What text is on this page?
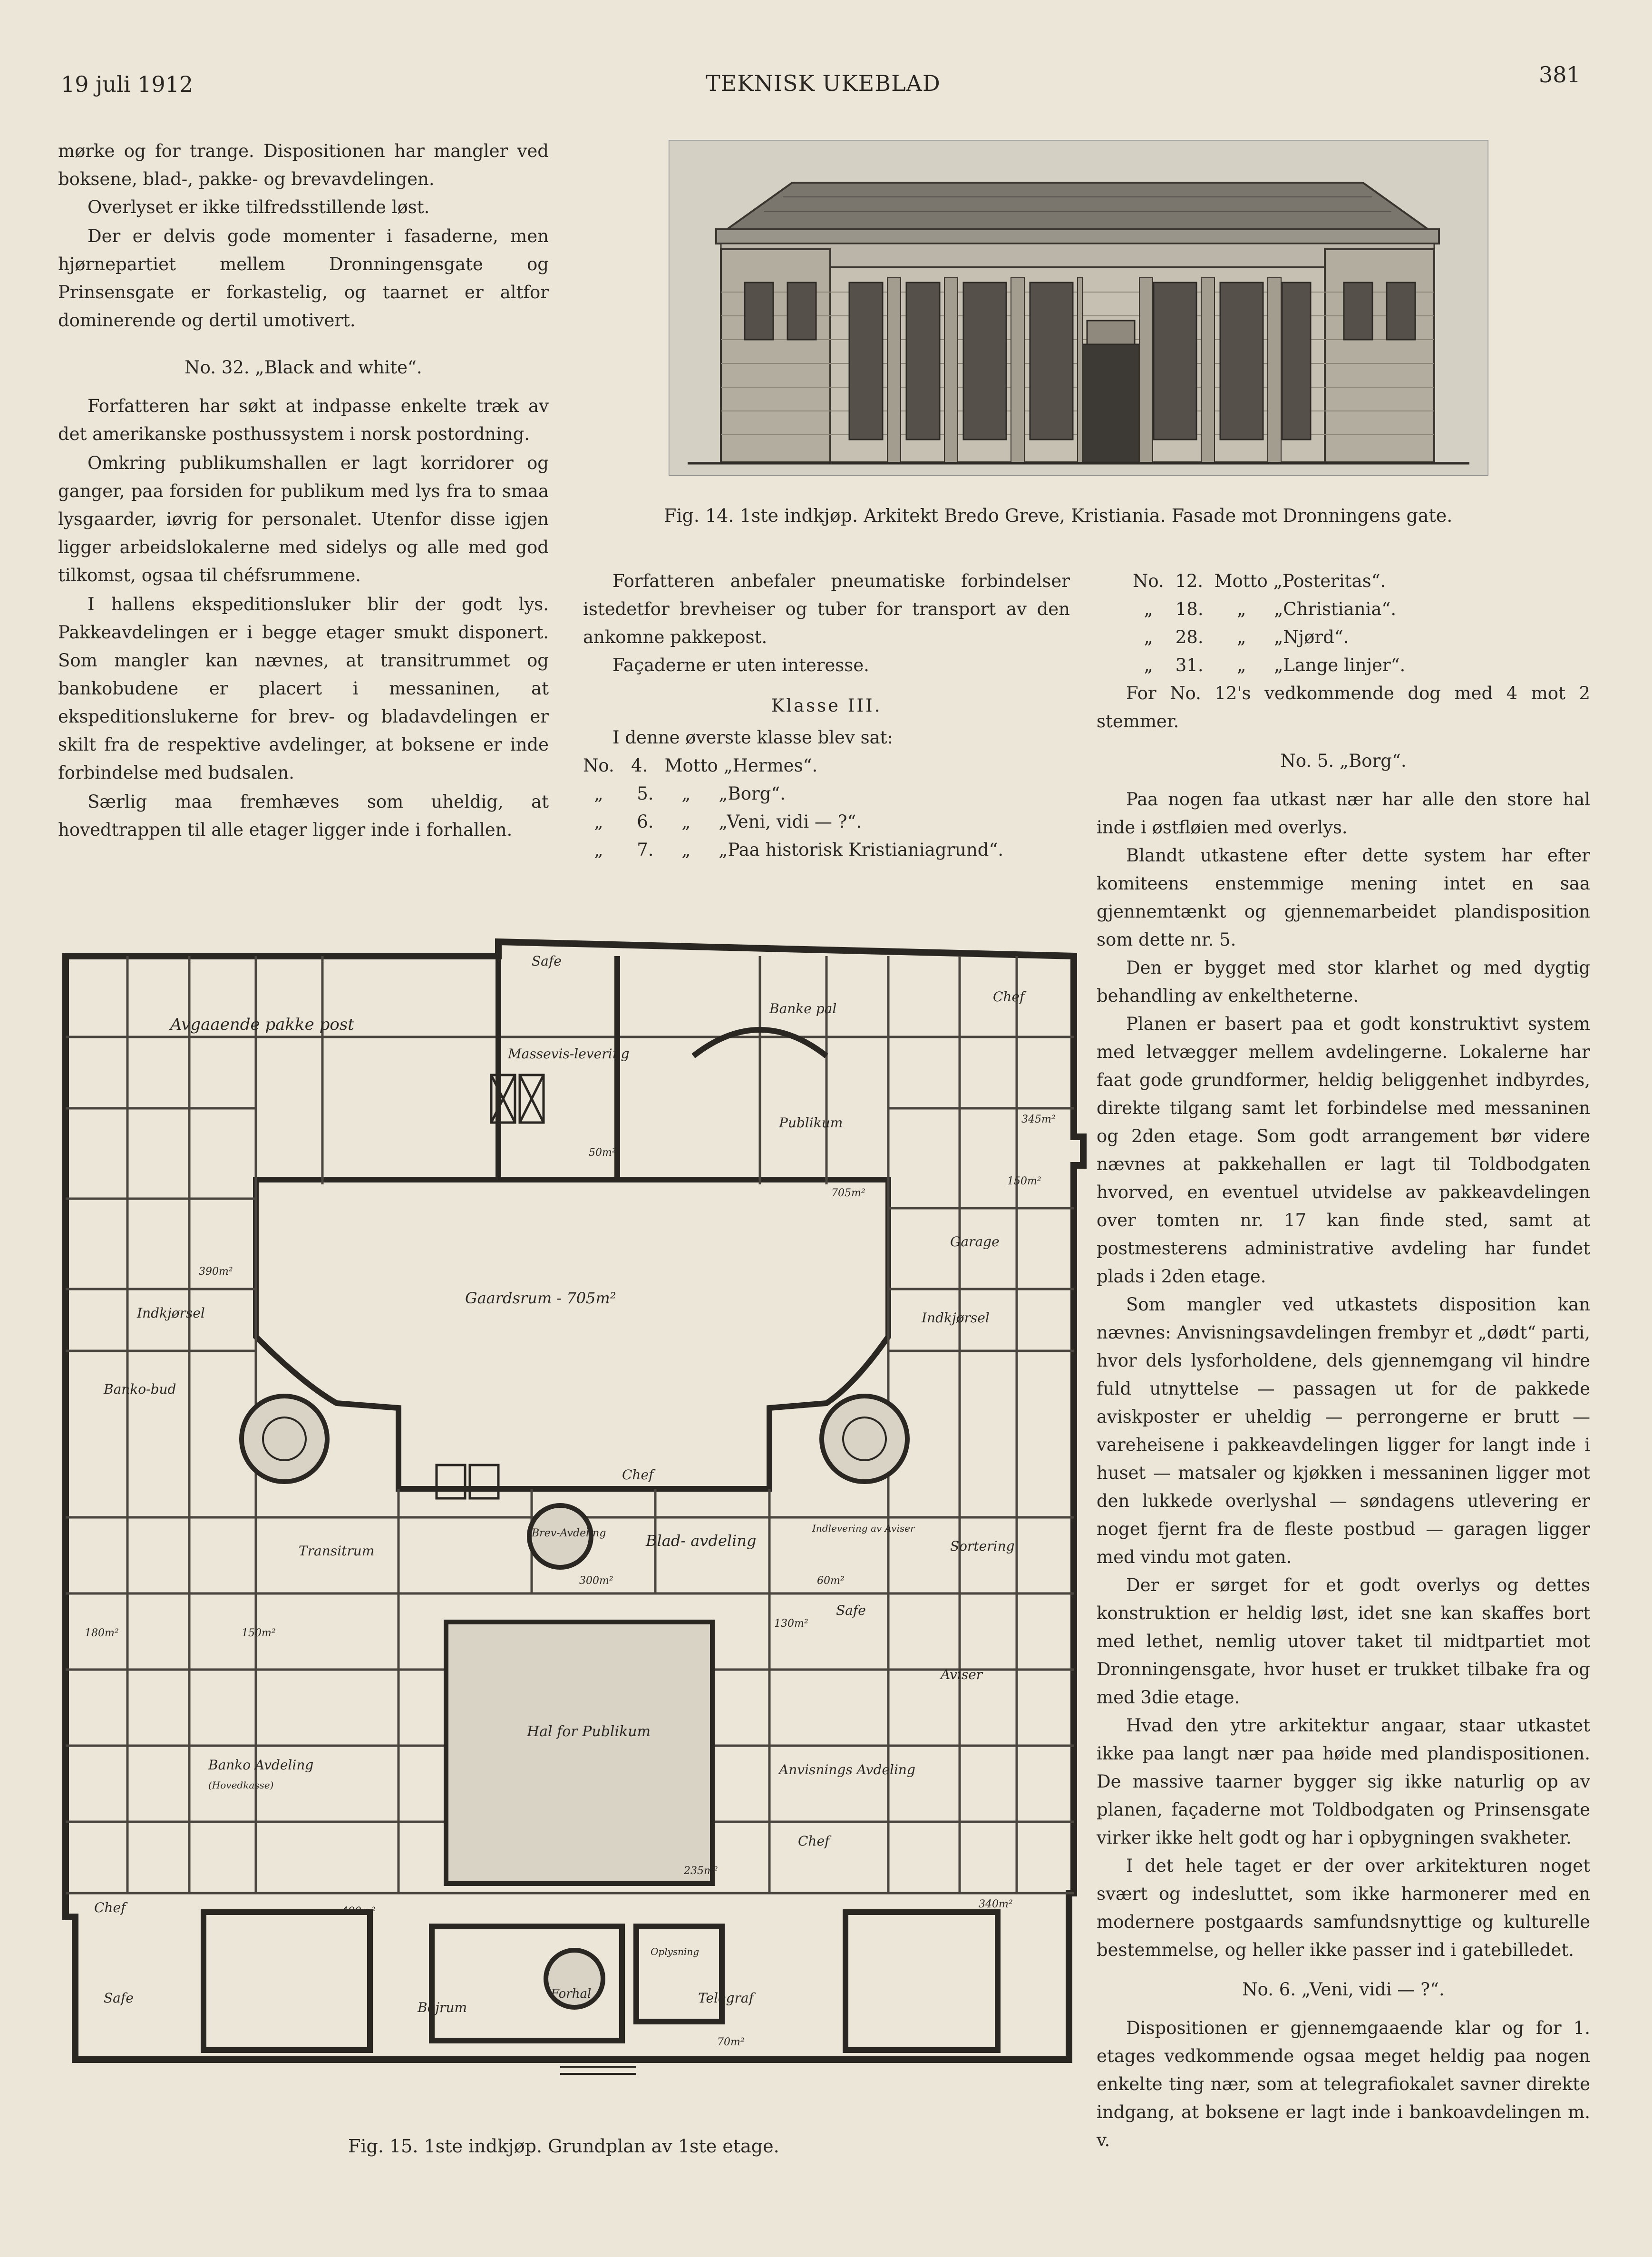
19 juli 1912	TEKNISK UKEBLAD	381

mørke og for trange. Dispositionen har mangler ved boksene, blad-, pakke- og brevavdelingen.

Overlyset er ikke tilfredsstillende løst.

Der er delvis gode momenter i fasaderne, men hjørnepartiet mellem Dronningensgate og Prinsensgate er forkastelig, og taarnet er altfor dominerende og dertil umotivert.

No. 32. „Black and white“.

Forfatteren har søkt at indpasse enkelte træk av det amerikanske posthussystem i norsk postordning.

Omkring publikumshallen er lagt korridorer og ganger, paa forsiden for publikum med lys fra to smaa lysgaarder, iøvrig for personalet. Utenfor disse igjen ligger arbeidslokalerne med sidelys og alle med god tilkomst, ogsaa til chéfsrummene.

I hallens ekspeditionsluker blir der godt lys. Pakkeavdelingen er i begge etager smukt disponert. Som mangler kan nævnes, at transitrummet og bankobudene er placert i messaninen, at ekspeditionslukerne for brev- og bladavdelingen er skilt fra de respektive avdelinger, at boksene er inde forbindelse med budsalen.

Særlig maa fremhæves som uheldig, at hovedtrappen til alle etager ligger inde i forhallen.

Fig. 14. 1ste indkjøp. Arkitekt Bredo Greve, Kristiania. Fasade mot Dronningens gate.

Forfatteren anbefaler pneumatiske forbindelser istedetfor brevheiser og tuber for transport av den ankomne pakkepost.

Façaderne er uten interesse.

Klasse III.

I denne øverste klasse blev sat:

No.   4.   Motto „Hermes“.
„      5.     „     „Borg“.
„      6.     „     „Veni, vidi — ?“.
„      7.     „     „Paa historisk Kristianiagrund“.
No.  12.  Motto „Posteritas“.
„    18.      „     „Christiania“.
„    28.      „     „Njørd“.
„    31.      „     „Lange linjer“.

For No. 12's vedkommende dog med 4 mot 2 stemmer.

No. 5. „Borg“.

Paa nogen faa utkast nær har alle den store hal inde i østfløien med overlys.

Blandt utkastene efter dette system har efter komiteens enstemmige mening intet en saa gjennemtænkt og gjennemarbeidet plandisposition som dette nr. 5.

Den er bygget med stor klarhet og med dygtig behandling av enkeltheterne.

Planen er basert paa et godt konstruktivt system med letvægger mellem avdelingerne. Lokalerne har faat gode grundformer, heldig beliggenhet indbyrdes, direkte tilgang samt let forbindelse med messaninen og 2den etage. Som godt arrangement bør videre nævnes at pakkehallen er lagt til Toldbodgaten hvorved, en eventuel utvidelse av pakkeavdelingen over tomten nr. 17 kan finde sted, samt at postmesterens administrative avdeling har fundet plads i 2den etage.

Som mangler ved utkastets disposition kan nævnes: Anvisningsavdelingen frembyr et „dødt“ parti, hvor dels lysforholdene, dels gjennemgang vil hindre fuld utnyttelse — passagen ut for de pakkede aviskposter er uheldig — perrongerne er brutt — vareheisene i pakkeavdelingen ligger for langt inde i huset — matsaler og kjøkken i messaninen ligger mot den lukkede overlyshal — søndagens utlevering er noget fjernt fra de fleste postbud — garagen ligger med vindu mot gaten.

Der er sørget for et godt overlys og dettes konstruktion er heldig løst, idet sne kan skaffes bort med lethet, nemlig utover taket til midtpartiet mot Dronningensgate, hvor huset er trukket tilbake fra og med 3die etage.

Hvad den ytre arkitektur angaar, staar utkastet ikke paa langt nær paa høide med plandispositionen. De massive taarner bygger sig ikke naturlig op av planen, façaderne mot Toldbodgaten og Prinsensgate virker ikke helt godt og har i opbygningen svakheter.

I det hele taget er der over arkitekturen noget svært og indesluttet, som ikke harmonerer med en modernere postgaards samfundsnyttige og kulturelle bestemmelse, og heller ikke passer ind i gatebilledet.

No. 6. „Veni, vidi — ?“.

Dispositionen er gjennemgaaende klar og for 1. etages vedkommende ogsaa meget heldig paa nogen enkelte ting nær, som at telegrafiokalet savner direkte indgang, at boksene er lagt inde i bankoavdelingen m. v.

Safe
Chef
Banke pal
Avgaaende pakke post
Massevis-levering
Publikum
50m²
705m²
345m²
150m²
Garage
390m²
Gaardsrum - 705m²
Indkjørsel	Indkjørsel
Banko-bud
Chef
Brev-Avdeling
Transitrum
Blad- avdeling
Indlevering av Aviser
Sortering
60m²
300m²
Safe
130m²
180m²	150m²
Aviser
Hal for Publikum
Banko Avdeling
(Hovedkasse)
Anvisnings Avdeling
Chef
235m²
Chef	490m²
340m²
Safe
Bojrum
Forhal
Oplysning
Telegraf
70m²
Fig. 15. 1ste indkjøp. Grundplan av 1ste etage.
